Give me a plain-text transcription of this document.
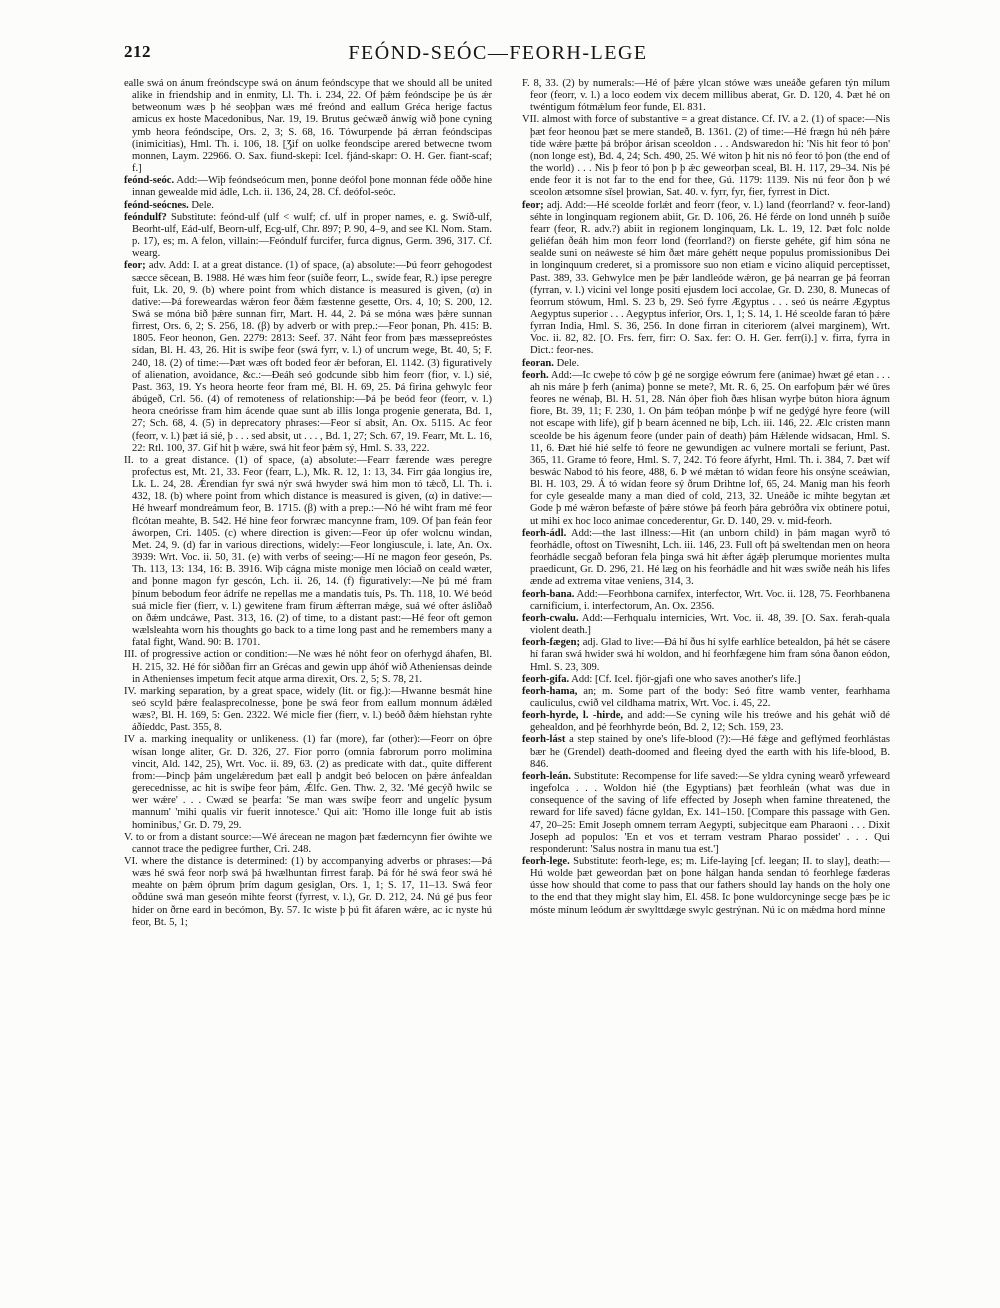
212	FEÓND-SEÓC—FEORH-LEGE

ealle swá on ánum freóndscype swá on ánum feóndscype that we should all be united alike in friendship and in enmity, Ll. Th. i. 234, 22. Of þǽm feóndscipe þe ús ǽr betweonum wæs þ hé seoþþan wæs mé freónd and eallum Gréca herige factus amicus ex hoste Macedonibus, Nar. 19, 19. Brutus geċwæð ánwíg wið þone cyning ymb heora feóndscipe, Ors. 2, 3; S. 68, 16. Tówurpende þá ǽrran feóndscipas (inimicitias), Hml. Th. i. 106, 18. [Ʒif on uolke feondscipe arered betwecne twom monnen, Laym. 22966. O. Sax. fiund-skepi: Icel. fjánd-skapr: O. H. Ger. fiant-scaf; f.]

feónd-seóc. Add:—Wiþ feóndseócum men, þonne deófol þone monnan féde oððe hine innan gewealde mid ádle, Lch. ii. 136, 24, 28. Cf. deófol-seóc.

feónd-seócnes. Dele.

feóndulf? Substitute: feónd-ulf (ulf < wulf; cf. ulf in proper names, e. g. Swíð-ulf, Beorht-ulf, Eád-ulf, Beorn-ulf, Ecg-ulf, Chr. 897; P. 90, 4–9, and see Kl. Nom. Stam. p. 17), es; m. A felon, villain:—Feóndulf furcifer, furca dignus, Germ. 396, 317. Cf. wearg.

feor; adv. Add: I. at a great distance. (1) of space, (a) absolute:—Þú feorr gehogodest sæcce sēcean, B. 1988. Hé wæs him feor (suíðe feorr, L., swíde fear, R.) ipse peregre fuit, Lk. 20, 9. (b) where point from which distance is measured is given, (α) in dative:—Þá foreweardas wǽron feor ðǽm fæstenne gesette, Ors. 4, 10; S. 200, 12. Swá se móna bið þǽre sunnan firr, Mart. H. 44, 2. Þá se móna wæs þǽre sunnan firrest, Ors. 6, 2; S. 256, 18. (β) by adverb or with prep.:—Feor þonan, Ph. 415: B. 1805. Feor heonon, Gen. 2279: 2813: Seef. 37. Náht feor from þæs mæssepreóstes sídan, Bl. H. 43, 26. Hit is swíþe feor (swá fyrr, v. l.) of uncrum wege, Bt. 40, 5; F. 240, 18. (2) of time:—Þæt wæs oft boded feor ǽr beforan, El. 1142. (3) figuratively of alienation, avoidance, &c.:—Ðeáh seó godcunde sibb him feorr (fior, v. l.) sié, Past. 363, 19. Ys heora heorte feor fram mé, Bl. H. 69, 25. Þá firina gehwylc feor ábúgeð, Crl. 56. (4) of remoteness of relationship:—Þá þe beód feor (feorr, v. l.) heora cneórisse fram him ácende quae sunt ab illis longa progenie generata, Bd. 1, 27; Sch. 68, 4. (5) in deprecatory phrases:—Feor sí absit, An. Ox. 5115. Ac feor (feorr, v. l.) þæt iá sié, þ . . . sed absit, ut . . . , Bd. 1, 27; Sch. 67, 19. Fearr, Mt. L. 16, 22: Rtl. 100, 37. Gif hit þ wǽre, swá hit feor þǽm sý, Hml. S. 33, 222.

II. to a great distance. (1) of space, (a) absolute:—Fearr færende wæs peregre profectus est, Mt. 21, 33. Feor (fearr, L.), Mk. R. 12, 1: 13, 34. Firr gáa longius ire, Lk. L. 24, 28. Ǽrendian fyr swá nýr swá hwyder swá him mon tó tǽcð, Ll. Th. i. 432, 18. (b) where point from which distance is measured is given, (α) in dative:—Hé hwearf mondreámum feor, B. 1715. (β) with a prep.:—Nó hé wiht fram mé feor flcótan meahte, B. 542. Hé hine feor forwræc mancynne fram, 109. Of þan feán feor áworpen, Cri. 1405. (c) where direction is given:—Feor úp ofer wolcnu windan, Met. 24, 9. (d) far in various directions, widely:—Feor longiuscule, i. late, An. Ox. 3939: Wrt. Voc. ii. 50, 31. (e) with verbs of seeing:—Hí ne magon feor geseón, Ps. Th. 113, 13: 134, 16: B. 3916. Wiþ cágna miste monige men lóciað on ceald wæter, and þonne magon fyr gescón, Lch. ii. 26, 14. (f) figuratively:—Ne þú mé fram þínum bebodum feor ádrífe ne repellas me a mandatis tuis, Ps. Th. 118, 10. Wé beód suá micle fier (fierr, v. l.) gewitene fram fírum ǽfterran mǽge, suá wé ofter ásliðað on ðǽm undcáwe, Past. 313, 16. (2) of time, to a distant past:—Hé feor oft gemon wælsleahta worn his thoughts go back to a time long past and he remembers many a fatal fight, Wand. 90: B. 1701.

III. of progressive action or condition:—Ne wæs hé nóht feor on oferhygd áhafen, Bl. H. 215, 32. Hé fór siððan firr an Grécas and gewin upp áhóf wið Atheniensas deinde in Athenienses impetum fecit atque arma direxit, Ors. 2, 5; S. 78, 21.

IV. marking separation, by a great space, widely (lit. or fig.):—Hwanne besmát hine seó scyld þǽre fealasprecolnesse, þone þe swá feor from eallum monnum ádǽled wæs?, Bl. H. 169, 5: Gen. 2322. Wé micle fier (fierr, v. l.) beóð ðǽm híehstan ryhte áðíeddc, Past. 355, 8.

IV a. marking inequality or unlikeness. (1) far (more), far (other):—Feorr on óþre wísan longe aliter, Gr. D. 326, 27. Fior porro (omnia fabrorum porro molimina vincit, Ald. 142, 25), Wrt. Voc. ii. 89, 63. (2) as predicate with dat., quite different from:—Þincþ þám ungelǽredum þæt eall þ andgit beó belocen on þǽre ánfealdan gerecednisse, ac hit is swíþe feor þám, Ǽlfc. Gen. Thw. 2, 32. 'Mé gecýð hwilc se wer wǽre' . . . Cwæd se þearfa: 'Se man wæs swíþe feorr and ungelíc þysum mannum' 'mihi qualis vir fuerit innotesce.' Qui ait: 'Homo ille longe fuit ab istis hominibus,' Gr. D. 79, 29.

V. to or from a distant source:—Wé árecean ne magon þæt fæderncynn fier ówihte we cannot trace the pedigree further, Cri. 248.

VI. where the distance is determined: (1) by accompanying adverbs or phrases:—Þá wæs hé swá feor norþ swá þá hwælhuntan firrest faraþ. Þá fór hé swá feor swá hé meahte on þǽm óþrum þrím dagum gesiglan, Ors. 1, 1; S. 17, 11–13. Swá feor oðdúne swá man geseón mihte feorst (fyrrest, v. l.), Gr. D. 212, 24. Nú gé þus feor hider on ðrne eard in becómon, By. 57. Ic wiste þ þú fit áfaren wǽre, ac ic nyste hú feor, Bt. 5, 1;

F. 8, 33. (2) by numerals:—Hé of þǽre ylcan stówe wæs uneáðe gefaren týn mílum feor (feorr, v. l.) a loco eodem vix decem millibus aberat, Gr. D. 120, 4. Þæt hé on twéntigum fótmǽlum feor funde, El. 831.

VII. almost with force of substantive = a great distance. Cf. IV. a 2. (1) of space:—Nis þæt feor heonou þæt se mere standeð, B. 1361. (2) of time:—Hé frægn hú néh þǽre tíde wǽre þætte þá bróþor árisan sceoldon . . . Andswaredon hí: 'Nis hit feor tó þon' (non longe est), Bd. 4, 24; Sch. 490, 25. Wé witon þ hit nis nó feor tó þon (the end of the world) . . . Nis þ feor tó þon þ þ ǽc geweorþan sceal, Bl. H. 117, 29–34. Nis þé ende feor it is not far to the end for thee, Gú. 1179: 1139. Nis nú feor ðon þ wé sceolon ætsomne sǐsel þrowian, Sat. 40. v. fyrr, fyr, fier, fyrrest in Dict.

feor; adj. Add:—Hé sceolde forlǽt and feorr (feor, v. l.) land (feorrland? v. feor-land) séhte in longinquam regionem abiit, Gr. D. 106, 26. Hé férde on lond unnéh þ suíðe fearr (feor, R. adv.?) abiit in regionem longinquam, Lk. L. 19, 12. Þæt folc nolde geliéfan ðeáh him mon feorr lond (feorrland?) on fierste gehéte, gif him sóna ne sealde suni on neáweste sé him ðæt máre gehétt neque populus promissionibus Dei in longinquum crederet, si a promissore suo non etiam e vicino aliquid perceptisset, Past. 389, 33. Gehwylce men þe þǽr landleóde wǽron, ge þá nearran ge þá feorran (fyrran, v. l.) vicini vel longe positi ejusdem loci accolae, Gr. D. 230, 8. Munecas of feorrum stówum, Hml. S. 23 b, 29. Seó fyrre Ægyptus . . . seó ús neárre Ægyptus Aegyptus superior . . . Aegyptus inferior, Ors. 1, 1; S. 14, 1. Hé sceolde faran tó þǽre fyrran India, Hml. S. 36, 256. In done firran in citeriorem (alvei marginem), Wrt. Voc. ii. 82, 82. [O. Frs. ferr, firr: O. Sax. fer: O. H. Ger. ferr(i).] v. firra, fyrra in Dict.: feor-nes.

feoran. Dele.

feorh. Add:—Ic cweþe tó ców þ gé ne sorgige eówrum fere (animae) hwæt gé etan . . . ah nis máre þ ferh (anima) þonne se mete?, Mt. R. 6, 25. On earfoþum þǽr wé ūres feores ne wénaþ, Bl. H. 51, 28. Nán óþer fioh ðæs hlisan wyrþe búton hiora ágnum fiore, Bt. 39, 11; F. 230, 1. On þám teóþan mónþe þ wíf ne gedýgé hyre feore (will not escape with life), gif þ bearn ácenned ne biþ, Lch. iii. 146, 22. Ælc cristen mann sceolde be his ágenum feore (under pain of death) þám Hǽlende widsacan, Hml. S. 11, 6. Ðæt hié hié selfe tó feore ne gewundigen ac vulnere mortali se feriunt, Past. 365, 11. Grame tó feore, Hml. S. 7, 242. Tó feore áfyrht, Hml. Th. i. 384, 7. Þæt wíf beswác Nabod tó his feore, 488, 6. Þ wé mǽtan tó wídan feore his onsýne sceáwian, Bl. H. 103, 29. Á tó wídan feore sý ðrum Drihtne lof, 65, 24. Manig man his feorh for cyle gesealde many a man died of cold, 213, 32. Uneáðe ic mihte begytan æt Gode þ mé wǽron befæste of þǽre stówe þá feorh þára gebróðra vix obtinere potui, ut mihi ex hoc loco animae concederentur, Gr. D. 140, 29. v. mid-feorh.

feorh-ádl. Add:—the last illness:—Hit (an unborn child) in þám magan wyrð tó feorhádle, oftost on Tíwesniht, Lch. iii. 146, 23. Full oft þá sweltendan men on heora feorhádle secgað beforan fela þinga swá hit ǽfter ágǽþ plerumque morientes multa praedicunt, Gr. D. 296, 21. Hé læg on his feorhádle and hit wæs swíðe neáh his lifes ænde ad extrema vitae veniens, 314, 3.

feorh-bana. Add:—Feorhbona carnifex, interfector, Wrt. Voc. ii. 128, 75. Feorhbanena carnificium, i. interfectorum, An. Ox. 2356.

feorh-cwalu. Add:—Ferhqualu internicies, Wrt. Voc. ii. 48, 39. [O. Sax. ferah-quala violent death.]

feorh-fægen; adj. Glad to live:—Ðá hí ðus hí sylfe earhlíce betealdon, þá hét se cásere hí faran swá hwider swá hí woldon, and hí feorhfægene him fram sóna ðanon eódon, Hml. S. 23, 309.

feorh-gifa. Add: [Cf. Icel. fjör-gjafi one who saves another's life.]

feorh-hama, an; m. Some part of the body: Seó fitre wamb venter, fearhhama cauliculus, cwið vel cildhama matrix, Wrt. Voc. i. 45, 22.

feorh-hyrde, l. -hirde, and add:—Se cyning wile his treówe and his gehát wið dé gehealdon, and þé feorhhyrde beón, Bd. 2, 12; Sch. 159, 23.

feorh-lást a step stained by one's life-blood (?):—Hé fǽge and geflýmed feorhlástas bær he (Grendel) death-doomed and fleeing dyed the earth with his life-blood, B. 846.

feorh-leán. Substitute: Recompense for life saved:—Se yldra cyning wearð yrfeweard ingefolca . . . Woldon hié (the Egyptians) þæt feorhleán (what was due in consequence of the saving of life effected by Joseph when famine threatened, the reward for life saved) fácne gyldan, Ex. 141–150. [Compare this passage with Gen. 47, 20–25: Emit Joseph omnem terram Aegypti, subjecitque eam Pharaoni . . . Dixit Joseph ad populos: 'En et vos et terram vestram Pharao possidet' . . . Qui responderunt: 'Salus nostra in manu tua est.']

feorh-lege. Substitute: feorh-lege, es; m. Life-laying [cf. leegan; II. to slay], death:—Hú wolde þæt geweordan þæt on þone hálgan handa sendan tó feorhlege fæderas ússe how should that come to pass that our fathers should lay hands on the holy one to the end that they might slay him, El. 458. Ic þone wuldorcyninge secge þæs þe ic móste mínum leódum ǽr swylttdæge swylc gestrýnan. Nú ic on mǽdma hord mínne
